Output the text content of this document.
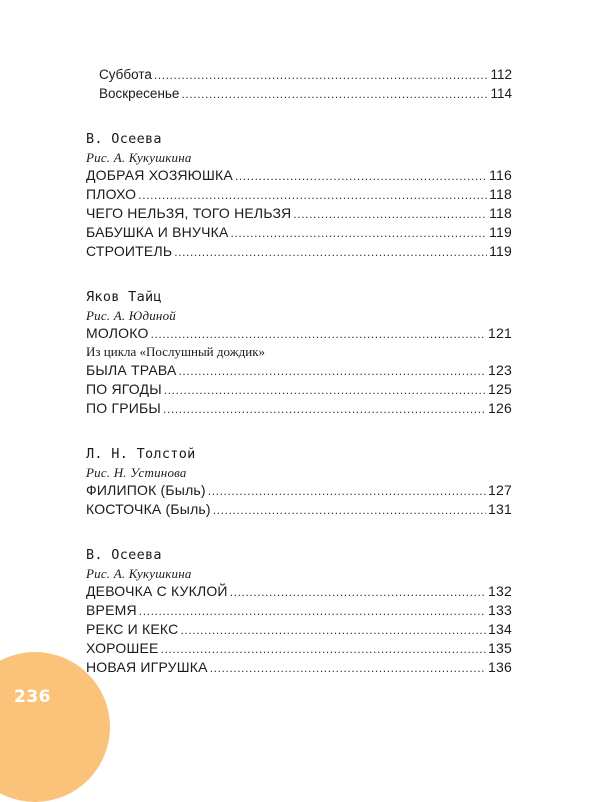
236
Суббота .....	112
Воскресенье .....	114
В. Осеева
Рис. А. Кукушкина
ДОБРАЯ ХОЗЯЮШКА .....	116
ПЛОХО .....	118
ЧЕГО НЕЛЬЗЯ, ТОГО НЕЛЬЗЯ .....	118
БАБУШКА И ВНУЧКА .....	119
СТРОИТЕЛЬ .....	119
Яков Тайц
Рис. А. Юдиной
МОЛОКО .....	121
Из цикла «Послушный дождик»
БЫЛА ТРАВА .....	123
ПО ЯГОДЫ .....	125
ПО ГРИБЫ .....	126
Л. Н. Толстой
Рис. Н. Устинова
ФИЛИПОК (Быль) .....	127
КОСТОЧКА (Быль) .....	131
В. Осеева
Рис. А. Кукушкина
ДЕВОЧКА С КУКЛОЙ .....	132
ВРЕМЯ .....	133
РЕКС И КЕКС .....	134
ХОРОШЕЕ .....	135
НОВАЯ ИГРУШКА .....	136
